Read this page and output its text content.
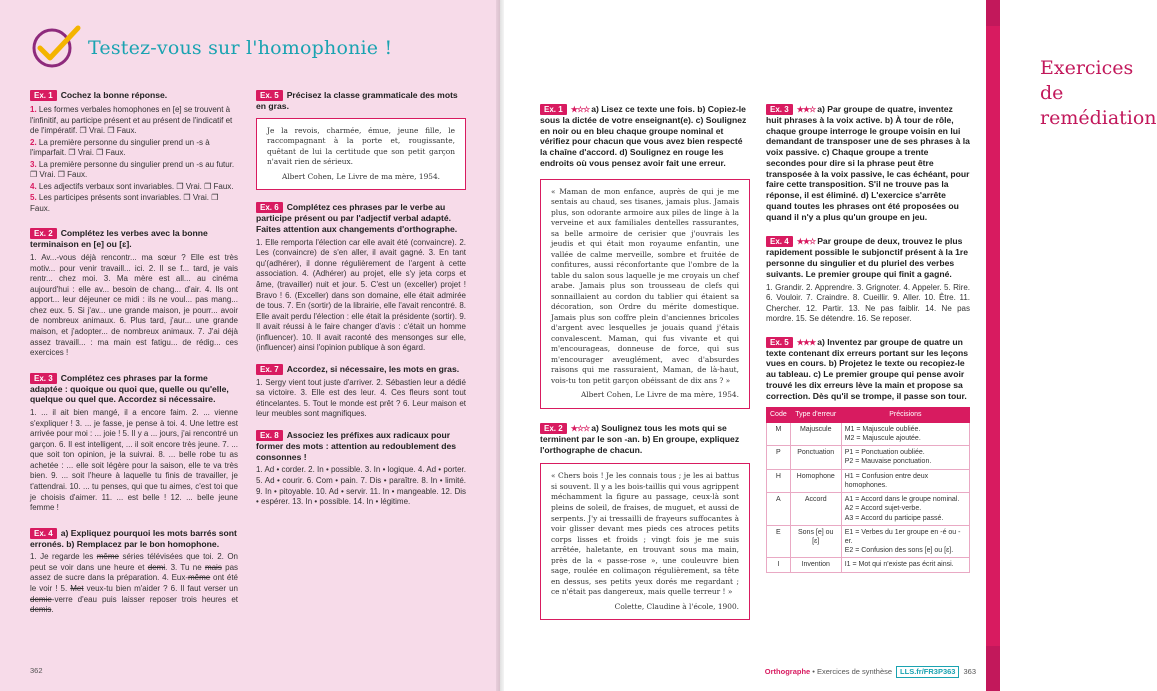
Testez-vous sur l'homophonie !
Ex. 1 Cochez la bonne réponse.
1. Les formes verbales homophones en [e] se trouvent à l'infinitif, au participe présent et au présent de l'indicatif et de l'impératif. ❐ Vrai. ❐ Faux.
2. La première personne du singulier prend un -s à l'imparfait. ❐ Vrai. ❐ Faux.
3. La première personne du singulier prend un -s au futur. ❐ Vrai. ❐ Faux.
4. Les adjectifs verbaux sont invariables. ❐ Vrai. ❐ Faux.
5. Les participes présents sont invariables. ❐ Vrai. ❐ Faux.
Ex. 2 Complétez les verbes avec la bonne terminaison en [e] ou [ɛ].
1. Av...-vous déjà rencontr... ma sœur ? Elle est très motiv... pour venir travaill... ici. 2. Il se f... tard, je vais rentr... chez moi. 3. Ma mère est all... au cinéma aujourd'hui : elle av... besoin de chang... d'air. 4. Ils ont apport... leur déjeuner ce midi : ils ne voul... pas mang... chez eux. 5. Si j'av... une grande maison, je pourr... avoir de nombreux animaux. 6. Plus tard, j'aur... une grande maison, et j'adopter... de nombreux animaux. 7. J'ai déjà assez travaill... : ma main est fatigu... de rédig... ces exercices !
Ex. 3 Complétez ces phrases par la forme adaptée : quoique ou quoi que, quelle ou qu'elle, quelque ou quel que. Accordez si nécessaire.
1. ... il ait bien mangé, il a encore faim. 2. ... vienne s'expliquer ! 3. ... je fasse, je pense à toi. 4. Une lettre est arrivée pour moi : ... joie ! 5. Il y a ... jours, j'ai rencontré un garçon. 6. Il est intelligent, ... il soit encore très jeune. 7. ... que soit ton opinion, je la suivrai. 8. ... belle robe tu as achetée : ... elle soit légère pour la saison, elle te va très bien. 9. ... soit l'heure à laquelle tu finis de travailler, je t'attendrai. 10. ... tu penses, qui que tu aimes, c'est toi que je choisis d'aimer. 11. ... est belle ! 12. ... belle jeune femme !
Ex. 4 a) Expliquez pourquoi les mots barrés sont erronés. b) Remplacez par le bon homophone.
1. Je regarde les même séries télévisées que toi. 2. On peut se voir dans une heure et demi. 3. Tu ne mais pas assez de sucre dans la préparation. 4. Eux-même ont été le voir ! 5. Met veux-tu bien m'aider ? 6. Il faut verser un demie-verre d'eau puis laisser reposer trois heures et demis.
Ex. 5 Précisez la classe grammaticale des mots en gras.
Je la revois, charmée, émue, jeune fille, le raccompagnant à la porte et, rougissante, quêtant de lui la certitude que son petit garçon n'avait rien de sérieux.
Albert Cohen, Le Livre de ma mère, 1954.
Ex. 6 Complétez ces phrases par le verbe au participe présent ou par l'adjectif verbal adapté. Faites attention aux changements d'orthographe.
1. Elle remporta l'élection car elle avait été (convaincre). 2. Les (convaincre) de s'en aller, il avait gagné. 3. En tant qu'(adhérer), il donne régulièrement de l'argent à cette association. 4. (Adhérer) au projet, elle s'y jeta corps et âme, (travailler) nuit et jour. 5. C'est un (exceller) projet ! Bravo ! 6. (Exceller) dans son domaine, elle était admirée de tous. 7. En (sortir) de la librairie, elle l'avait rencontré. 8. Elle avait perdu l'élection : elle était la présidente (sortir). 9. Il avait réussi à le faire changer d'avis : c'était un homme (influencer). 10. Il avait raconté des mensonges sur elle, (influencer) ainsi l'opinion publique à son égard.
Ex. 7 Accordez, si nécessaire, les mots en gras.
1. Sergy vient tout juste d'arriver. 2. Sébastien leur a dédié sa victoire. 3. Elle est des leur. 4. Ces fleurs sont tout étincelantes. 5. Tout le monde est prêt ? 6. Leur maison et leur meubles sont magnifiques.
Ex. 8 Associez les préfixes aux radicaux pour former des mots : attention au redoublement des consonnes !
1. Ad • corder. 2. In • possible. 3. In • logique. 4. Ad • porter. 5. Ad • courir. 6. Com • pain. 7. Dis • paraître. 8. In • limité. 9. In • pitoyable. 10. Ad • servir. 11. In • mangeable. 12. Dis • espérer. 13. In • possible. 14. In • légitime.
362
Exercices de remédiation
Ex. 1 ★☆☆ a) Lisez ce texte une fois. b) Copiez-le sous la dictée de votre enseignant(e). c) Soulignez en noir ou en bleu chaque groupe nominal et vérifiez pour chacun que vous avez bien respecté la chaîne d'accord. d) Soulignez en rouge les endroits où vous pensez avoir fait une erreur.
« Maman de mon enfance, auprès de qui je me sentais au chaud, ses tisanes, jamais plus. Jamais plus, son odorante armoire aux piles de linge à la verveine et aux familiales dentelles rassurantes, sa belle armoire de cerisier que j'ouvrais les jeudis et qui était mon royaume enfantin, une vallée de calme merveille, sombre et fruitée de confitures, aussi réconfortante que l'ombre de la table du salon sous laquelle je me croyais un chef arabe. Jamais plus son trousseau de clefs qui sonnaillaient au cordon du tablier qui étaient sa décoration, son Ordre du mérite domestique. Jamais plus son coffre plein d'anciennes bricoles d'argent avec lesquelles je jouais quand j'étais convalescent. Maman, qui fus vivante et qui m'encourageas, donneuse de force, qui sus m'encourager aveuglément, avec d'absurdes raisons qui me rassuraient, Maman, de là-haut, vois-tu ton petit garçon obéissant de dix ans ? »
Albert Cohen, Le Livre de ma mère, 1954.
Ex. 2 ★☆☆ a) Soulignez tous les mots qui se terminent par le son -an. b) En groupe, expliquez l'orthographe de chacun.
« Chers bois ! Je les connais tous ; je les ai battus si souvent. Il y a les bois-taillis qui vous agrippent méchamment la figure au passage, ceux-là sont pleins de soleil, de fraises, de muguet, et aussi de serpents. J'y ai tressailli de frayeurs suffocantes à voir glisser devant mes pieds ces atroces petits corps lisses et froids ; vingt fois je me suis arrêtée, haletante, en trouvant sous ma main, près de la « passe-rose », une couleuvre bien sage, roulée en colimaçon régulièrement, sa tête en dessus, ses petits yeux dorés me regardant ; ce n'était pas dangereux, mais quelle terreur ! »
Colette, Claudine à l'école, 1900.
Ex. 3 ★★☆ a) Par groupe de quatre, inventez huit phrases à la voix active. b) À tour de rôle, chaque groupe interroge le groupe voisin en lui demandant de transposer une de ses phrases à la voix passive. c) Chaque groupe a trente secondes pour dire si la phrase peut être transposée à la voix passive, le cas échéant, pour faire cette transposition. S'il ne trouve pas la réponse, il est éliminé. d) L'exercice s'arrête quand toutes les phrases ont été proposées ou quand il n'y a plus qu'un groupe en jeu.
Ex. 4 ★★☆ Par groupe de deux, trouvez le plus rapidement possible le subjonctif présent à la 1re personne du singulier et du pluriel des verbes suivants. Le premier groupe qui finit a gagné.
1. Grandir. 2. Apprendre. 3. Grignoter. 4. Appeler. 5. Rire. 6. Vouloir. 7. Craindre. 8. Cueillir. 9. Aller. 10. Être. 11. Chercher. 12. Partir. 13. Ne pas faiblir. 14. Ne pas mordre. 15. Se détendre. 16. Se reposer.
Ex. 5 ★★★ a) Inventez par groupe de quatre un texte contenant dix erreurs portant sur les leçons vues en cours. b) Projetez le texte ou recopiez-le au tableau. c) Le premier groupe qui pense avoir trouvé les dix erreurs lève la main et propose sa correction. Dès qu'il se trompe, il passe son tour.
Code	Type d'erreur	Précisions
M	Majuscule	M1 = Majuscule oubliée.
M2 = Majuscule ajoutée.
P	Ponctuation	P1 = Ponctuation oubliée.
P2 = Mauvaise ponctuation.
H	Homophone	H1 = Confusion entre deux homophones.
A	Accord	A1 = Accord dans le groupe nominal.
A2 = Accord sujet-verbe.
A3 = Accord du participe passé.
E	Sons [e] ou [ɛ]	E1 = Verbes du 1er groupe en -é ou -er.
E2 = Confusion des sons [e] ou [ɛ].
I	Invention	I1 = Mot qui n'existe pas écrit ainsi.
Orthographe • Exercices de synthèse LLS.fr/FR3P363 363
